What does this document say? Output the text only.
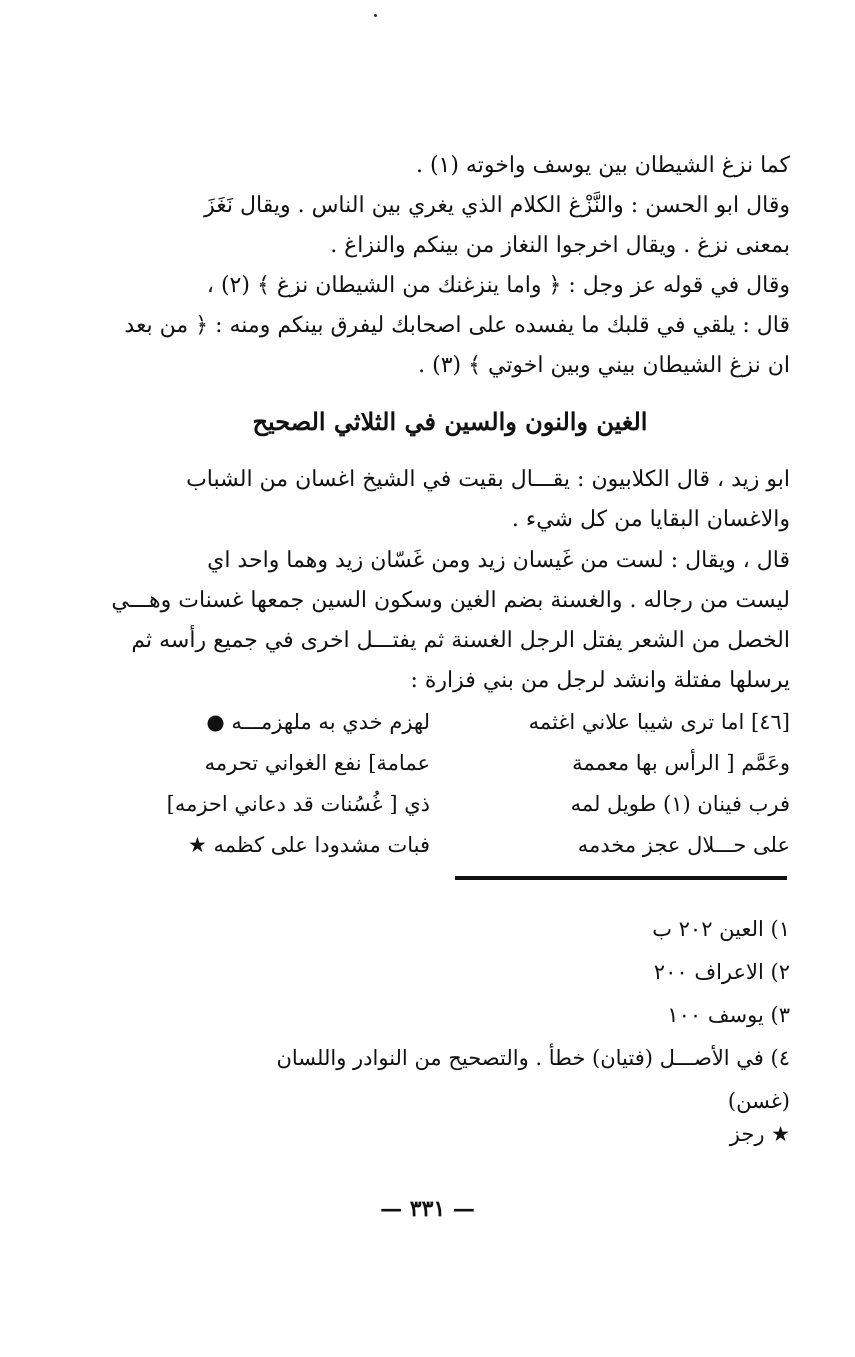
كما نزغ الشيطان بين يوسف واخوته (١) .
وقال ابو الحسن : والنَّزْغ الكلام الذي يغري بين الناس . ويقال نَغَزَ
بمعنى نزغ . ويقال اخرجوا النغاز من بينكم والنزاغ .
وقال في قوله عز وجل : ﴿ واما ينزغنك من الشيطان نزغ ﴾ (٢) ،
قال : يلقي في قلبك ما يفسده على اصحابك ليفرق بينكم ومنه : ﴿ من بعد
ان نزغ الشيطان بيني وبين اخوتي ﴾ (٣) .
الغين والنون والسين في الثلاثي الصحيح
ابو زيد ، قال الكلابيون : يقـــال بقيت في الشيخ اغسان من الشباب
والاغسان البقايا من كل شيء .
قال ، ويقال : لست من غَيسان زيد ومن غَسّان زيد وهما واحد اي
ليست من رجاله . والغسنة بضم الغين وسكون السين جمعها غسنات وهـــي
الخصل من الشعر يفتل الرجل الغسنة ثم يفتـــل اخرى في جميع رأسه ثم
يرسلها مفتلة وانشد لرجل من بني فزارة :
[٤٦] اما ترى شيبا علاني اغثمه
لهزم خدي به ملهزمـــه ●
وعَمَّم [ الرأس بها معممة
عمامة] نفع الغواني تحرمه
فرب فينان (١) طويل لمه
ذي [ غُسُنات قد دعاني احزمه]
على حـــلال عجز مخدمه
فبات مشدودا على كظمه ★
١) العين ٢٠٢ ب
٢) الاعراف ٢٠٠
٣) يوسف ١٠٠
٤) في الأصـــل (فتيان) خطأ . والتصحيح من النوادر واللسان
(غسن)
★ رجز
— ٣٣١ —
